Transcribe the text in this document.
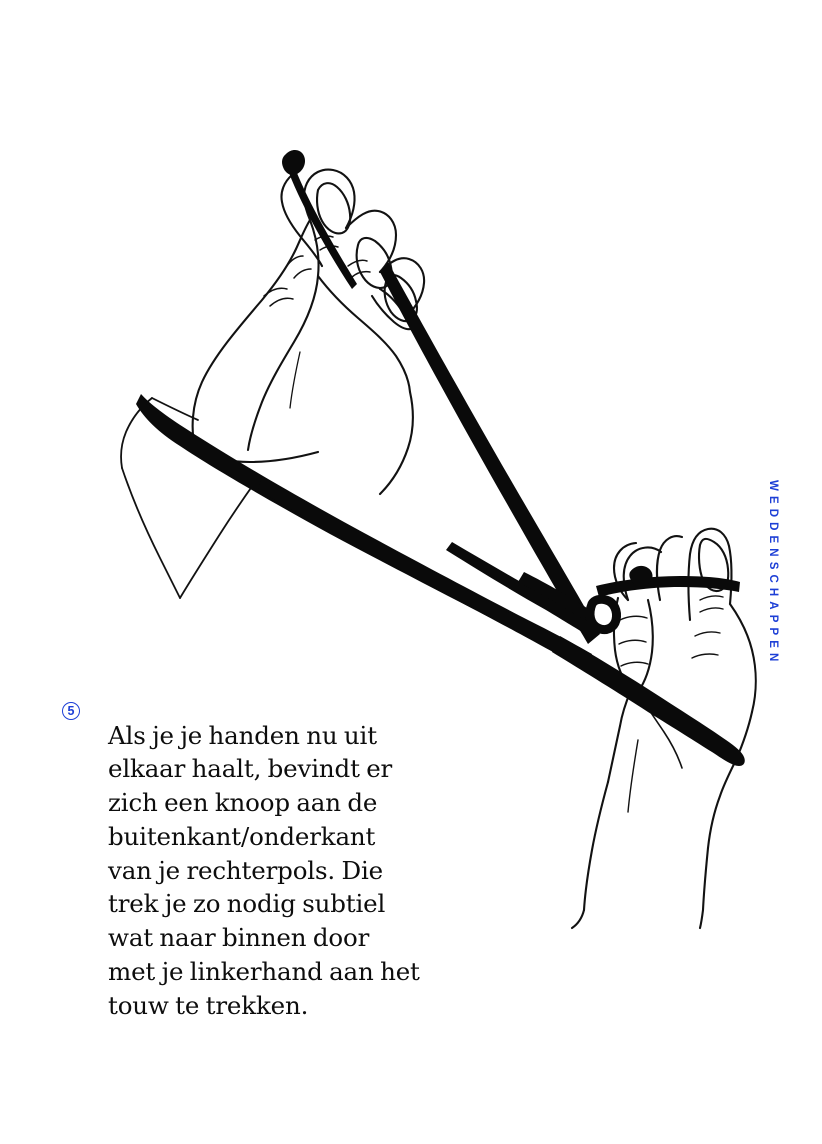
WEDDENSCHAPPEN
5

Als je je handen nu uit elkaar haalt, bevindt er zich een knoop aan de buitenkant/onderkant van je rechterpols. Die trek je zo nodig subtiel wat naar binnen door met je linkerhand aan het touw te trekken.
